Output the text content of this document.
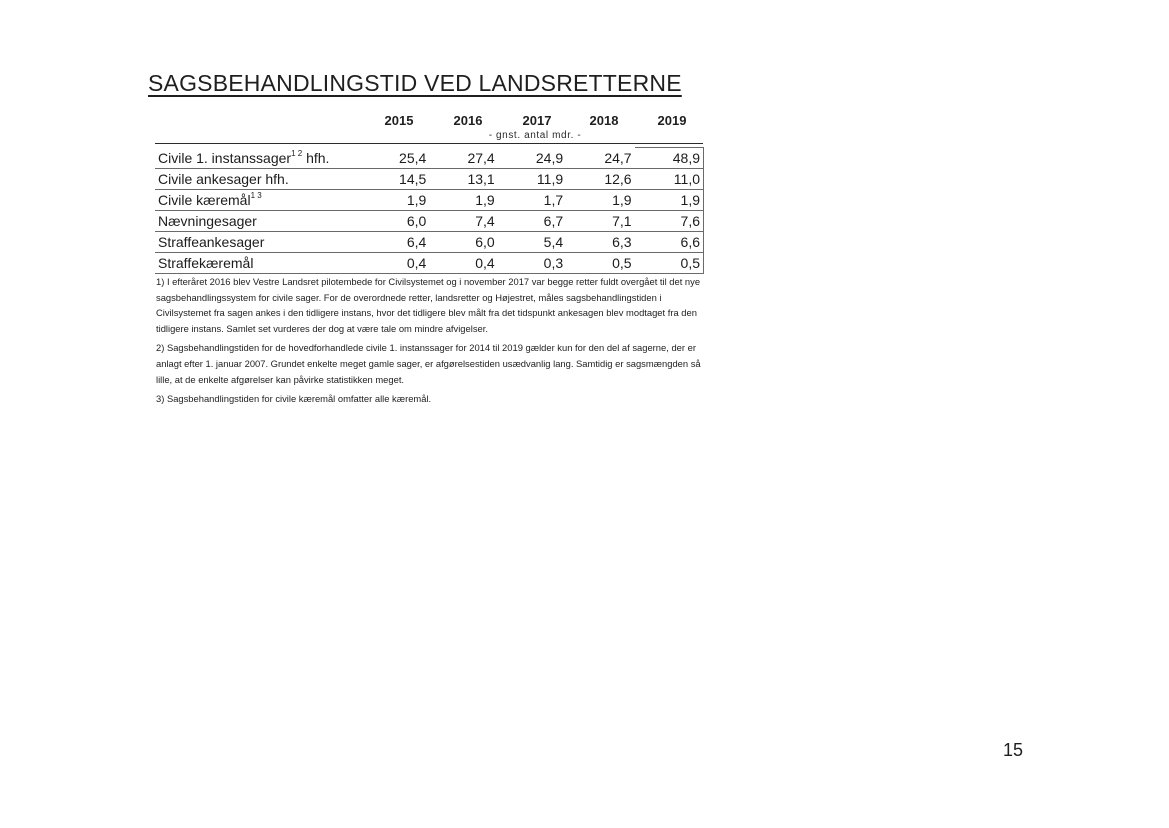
SAGSBEHANDLINGSTID VED LANDSRETTERNE
2015	2016	2017	2018	2019
- gnst. antal mdr. -
Civile 1. instanssager$^{1 2}$ hfh.	25,4	27,4	24,9	24,7	48,9
Civile ankesager hfh.	14,5	13,1	11,9	12,6	11,0
Civile kæremål$^{1 3}$	1,9	1,9	1,7	1,9	1,9
Nævningesager	6,0	7,4	6,7	7,1	7,6
Straffeankesager	6,4	6,0	5,4	6,3	6,6
Straffekæremål	0,4	0,4	0,3	0,5	0,5

1) I efteråret 2016 blev Vestre Landsret pilotembede for Civilsystemet og i november 2017 var begge retter fuldt overgået til det nye sagsbehandlingssystem for civile sager. For de overordnede retter, landsretter og Højestret, måles sagsbehandlingstiden i Civilsystemet fra sagen ankes i den tidligere instans, hvor det tidligere blev målt fra det tidspunkt ankesagen blev modtaget fra den tidligere instans. Samlet set vurderes der dog at være tale om mindre afvigelser.

2) Sagsbehandlingstiden for de hovedforhandlede civile 1. instanssager for 2014 til 2019 gælder kun for den del af sagerne, der er anlagt efter 1. januar 2007. Grundet enkelte meget gamle sager, er afgørelsestiden usædvanlig lang. Samtidig er sagsmængden så lille, at de enkelte afgørelser kan påvirke statistikken meget.

3) Sagsbehandlingstiden for civile kæremål omfatter alle kæremål.

15
